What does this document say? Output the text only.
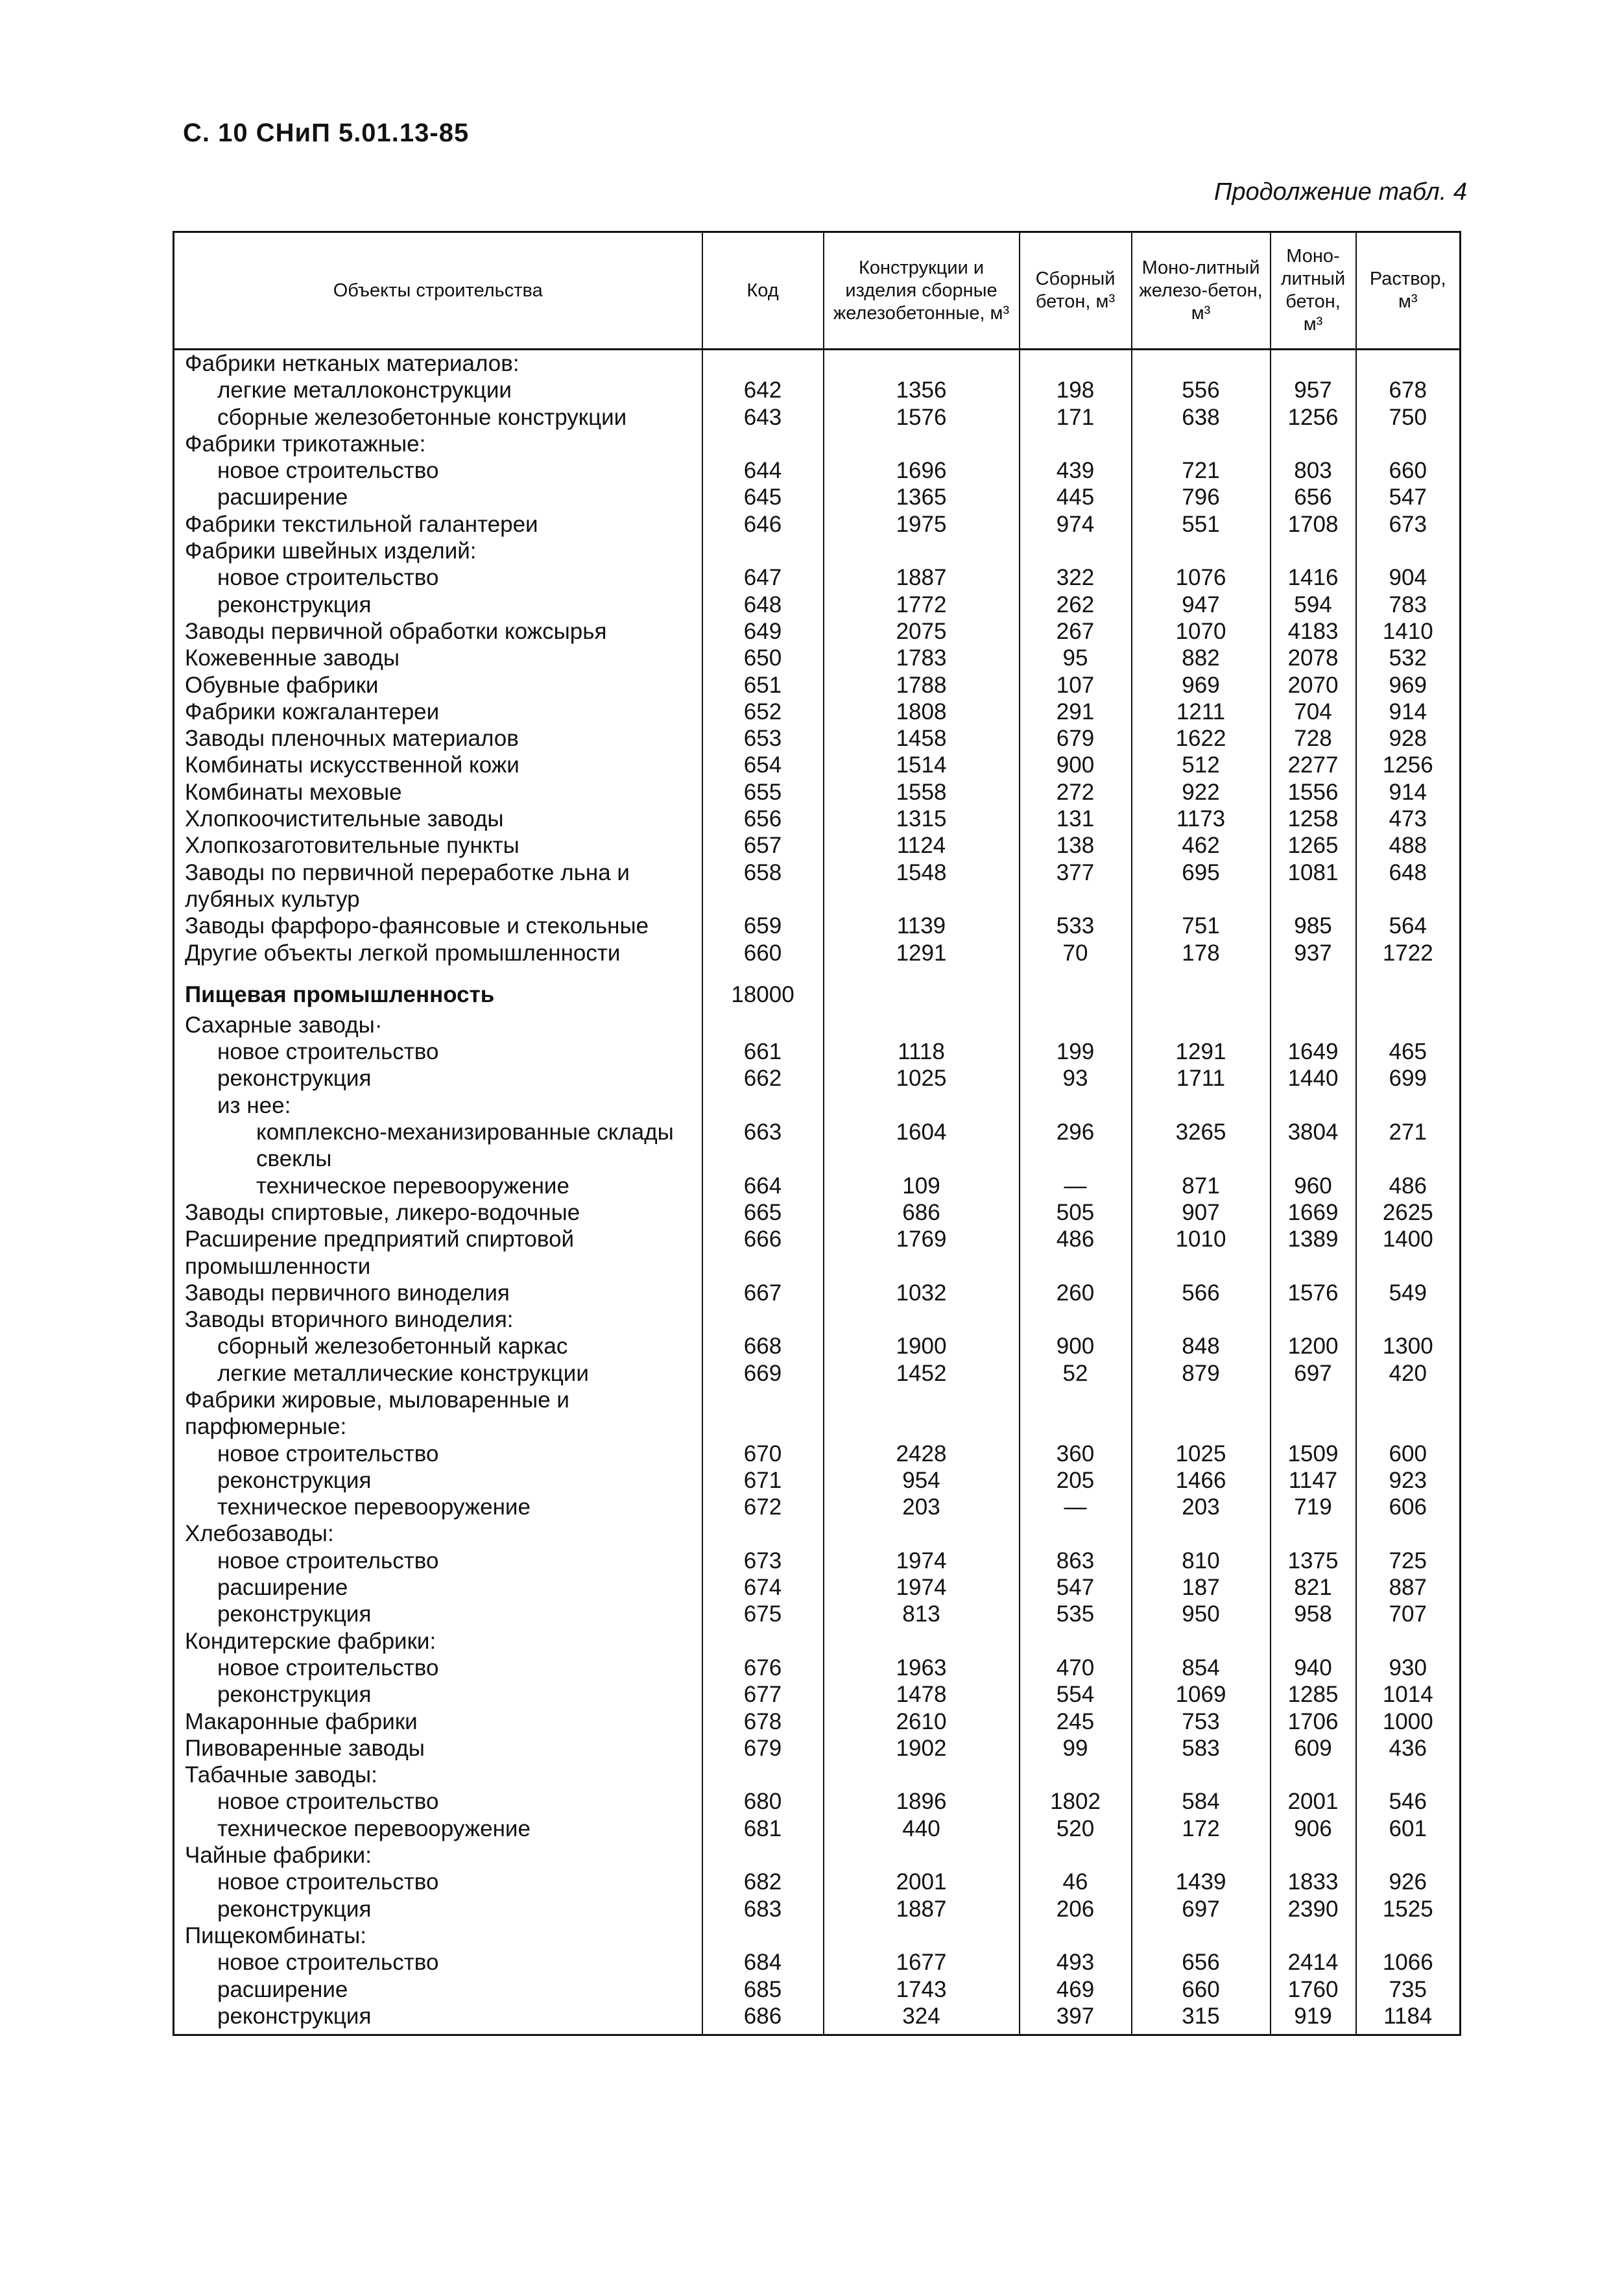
С. 10 СНиП 5.01.13-85
Продолжение табл. 4
Объекты строительства	Код	Конструкции и изделия сборные железобетонные, м³	Сборный бетон, м³	Моно-литный железо-бетон, м³	Моно-литный бетон, м³	Раствор, м³
Фабрики нетканых материалов:						
легкие металлоконструкции	642	1356	198	556	957	678
сборные железобетонные конструкции	643	1576	171	638	1256	750
Фабрики трикотажные:						
новое строительство	644	1696	439	721	803	660
расширение	645	1365	445	796	656	547
Фабрики текстильной галантереи	646	1975	974	551	1708	673
Фабрики швейных изделий:						
новое строительство	647	1887	322	1076	1416	904
реконструкция	648	1772	262	947	594	783
Заводы первичной обработки кожсырья	649	2075	267	1070	4183	1410
Кожевенные заводы	650	1783	95	882	2078	532
Обувные фабрики	651	1788	107	969	2070	969
Фабрики кожгалантереи	652	1808	291	1211	704	914
Заводы пленочных материалов	653	1458	679	1622	728	928
Комбинаты искусственной кожи	654	1514	900	512	2277	1256
Комбинаты меховые	655	1558	272	922	1556	914
Хлопкоочистительные заводы	656	1315	131	1173	1258	473
Хлопкозаготовительные пункты	657	1124	138	462	1265	488
Заводы по первичной переработке льна и лубяных культур	658	1548	377	695	1081	648
Заводы фарфоро-фаянсовые и стекольные	659	1139	533	751	985	564
Другие объекты легкой промышленности	660	1291	70	178	937	1722
Пищевая промышленность	18000					
Сахарные заводы·						
новое строительство	661	1118	199	1291	1649	465
реконструкция	662	1025	93	1711	1440	699
из нее:						
комплексно-механизированные склады свеклы	663	1604	296	3265	3804	271
техническое перевооружение	664	109	—	871	960	486
Заводы спиртовые, ликеро-водочные	665	686	505	907	1669	2625
Расширение предприятий спиртовой промышленности	666	1769	486	1010	1389	1400
Заводы первичного виноделия	667	1032	260	566	1576	549
Заводы вторичного виноделия:						
сборный железобетонный каркас	668	1900	900	848	1200	1300
легкие металлические конструкции	669	1452	52	879	697	420
Фабрики жировые, мыловаренные и парфюмерные:						
новое строительство	670	2428	360	1025	1509	600
реконструкция	671	954	205	1466	1147	923
техническое перевооружение	672	203	—	203	719	606
Хлебозаводы:						
новое строительство	673	1974	863	810	1375	725
расширение	674	1974	547	187	821	887
реконструкция	675	813	535	950	958	707
Кондитерские фабрики:						
новое строительство	676	1963	470	854	940	930
реконструкция	677	1478	554	1069	1285	1014
Макаронные фабрики	678	2610	245	753	1706	1000
Пивоваренные заводы	679	1902	99	583	609	436
Табачные заводы:						
новое строительство	680	1896	1802	584	2001	546
техническое перевооружение	681	440	520	172	906	601
Чайные фабрики:						
новое строительство	682	2001	46	1439	1833	926
реконструкция	683	1887	206	697	2390	1525
Пищекомбинаты:						
новое строительство	684	1677	493	656	2414	1066
расширение	685	1743	469	660	1760	735
реконструкция	686	324	397	315	919	1184
